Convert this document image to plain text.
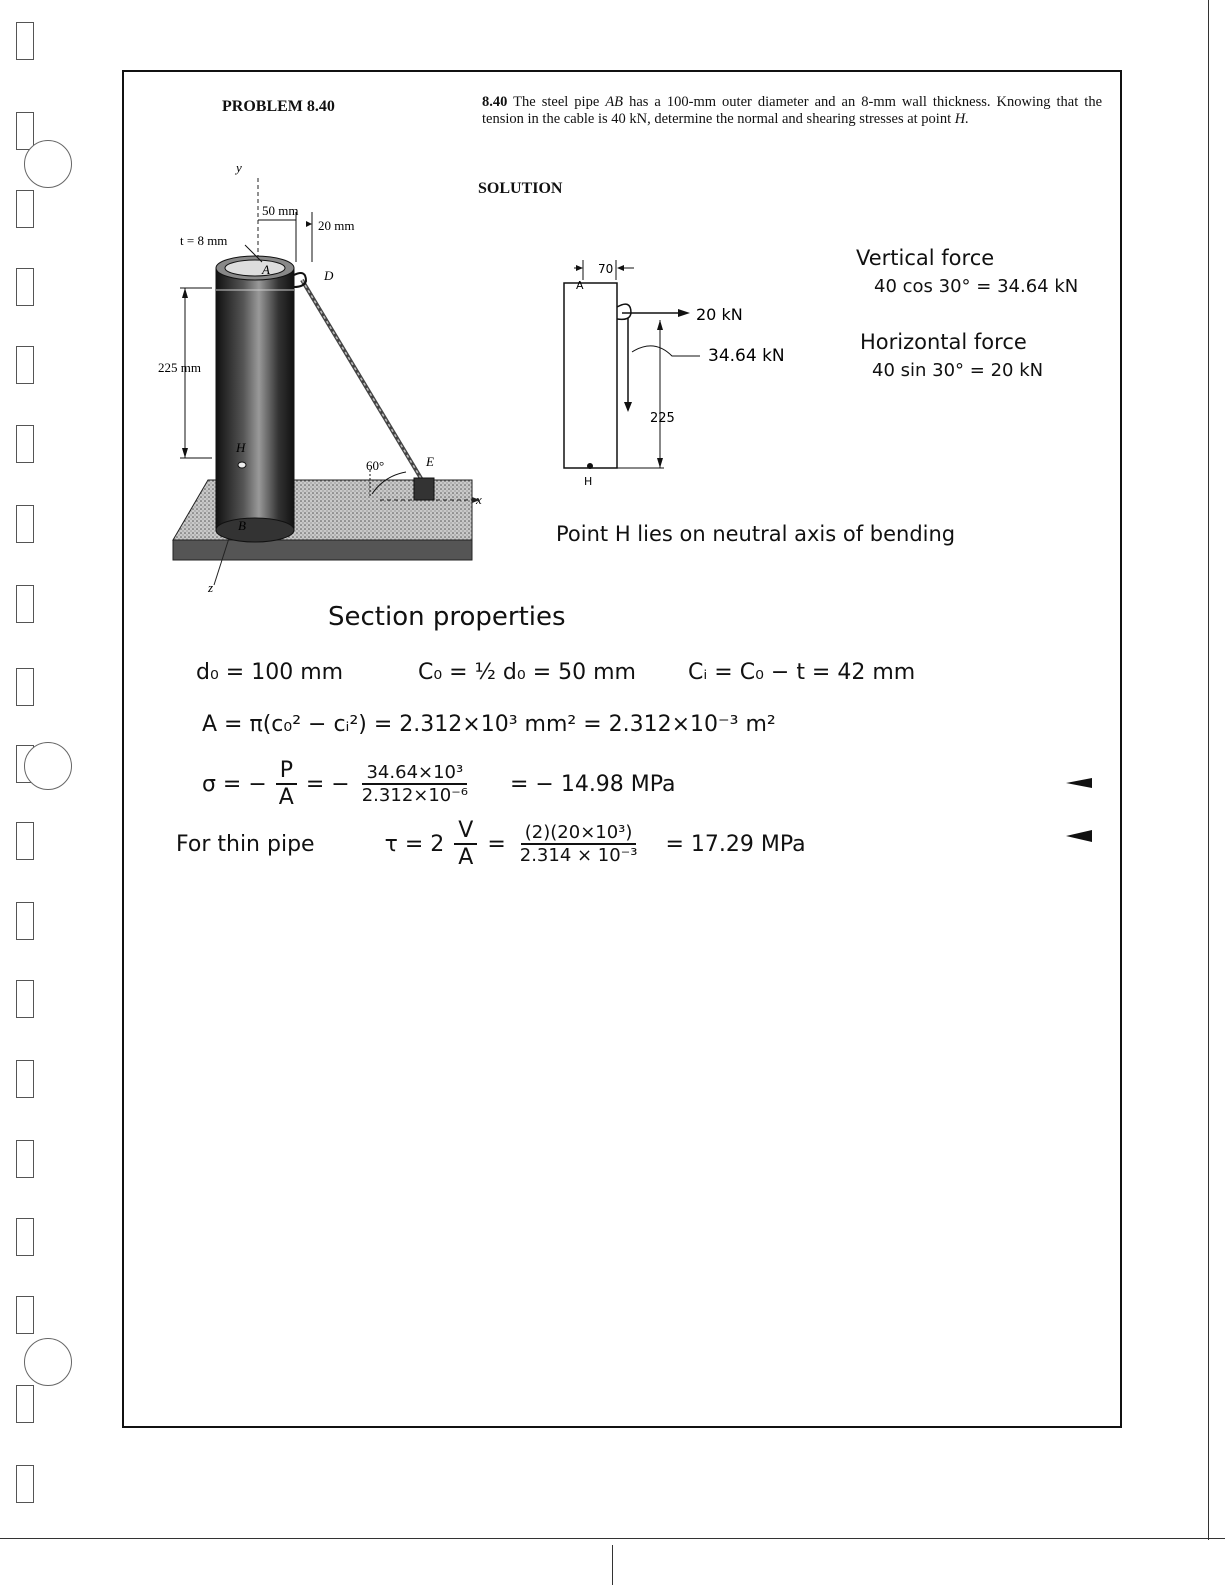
PROBLEM 8.40	8.40 The steel pipe AB has a 100-mm outer diameter and an 8-mm wall thickness. Knowing that the tension in the cable is 40 kN, determine the normal and shearing stresses at point H.
SOLUTION
y
x
z
50 mm
20 mm
t = 8 mm
225 mm
60°
A
B
D
E
H
70
A
20 kN
34.64 kN
225
H
Vertical force
40 cos 30° = 34.64 kN
Horizontal force
40 sin 30° = 20 kN
Point H lies on neutral axis of bending
Section properties
d₀ = 100 mm	C₀ = ½ d₀ = 50 mm Cᵢ = C₀ − t = 42 mm
A = π(c₀² − cᵢ²) = 2.312×10³ mm² = 2.312×10⁻³ m²
σ = − $\frac{P}{A}$ = − $\frac{\text{34.64×10³}}{\text{2.312×10⁻⁶}}$ = − 14.98 MPa
For thin pipe	$\tau = 2 \frac{V}{A} = \frac{\text{(2)(20×10³)}}{\text{2.314 × 10⁻³}} = 17.29$ MPa
